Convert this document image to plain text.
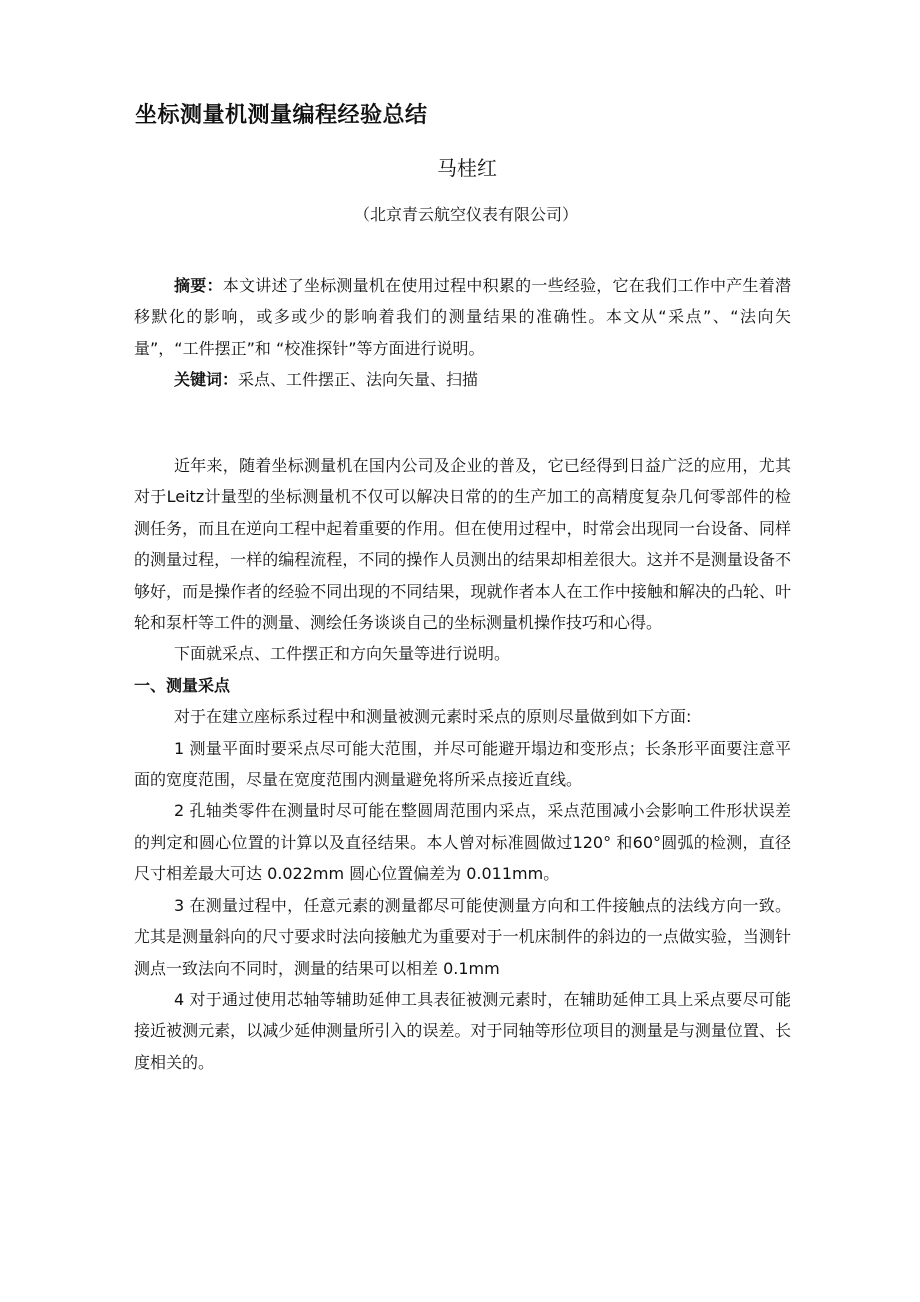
坐标测量机测量编程经验总结
马桂红
（北京青云航空仪表有限公司）

摘要：本文讲述了坐标测量机在使用过程中积累的一些经验，它在我们工作中产生着潜移默化的影响，或多或少的影响着我们的测量结果的准确性。本文从“采点”、“法向矢量”，“工件摆正”和 “校准探针”等方面进行说明。

关键词：采点、工件摆正、法向矢量、扫描

近年来，随着坐标测量机在国内公司及企业的普及，它已经得到日益广泛的应用，尤其对于Leitz计量型的坐标测量机不仅可以解决日常的的生产加工的高精度复杂几何零部件的检测任务，而且在逆向工程中起着重要的作用。但在使用过程中，时常会出现同一台设备、同样的测量过程，一样的编程流程，不同的操作人员测出的结果却相差很大。这并不是测量设备不够好，而是操作者的经验不同出现的不同结果，现就作者本人在工作中接触和解决的凸轮、叶轮和泵杆等工件的测量、测绘任务谈谈自己的坐标测量机操作技巧和心得。

下面就采点、工件摆正和方向矢量等进行说明。

一、测量采点

对于在建立座标系过程中和测量被测元素时采点的原则尽量做到如下方面:

1 测量平面时要采点尽可能大范围，并尽可能避开塌边和变形点；长条形平面要注意平面的宽度范围，尽量在宽度范围内测量避免将所采点接近直线。

2 孔轴类零件在测量时尽可能在整圆周范围内采点，采点范围减小会影响工件形状误差的判定和圆心位置的计算以及直径结果。本人曾对标准圆做过120° 和60°圆弧的检测，直径尺寸相差最大可达 0.022mm 圆心位置偏差为 0.011mm。

3 在测量过程中，任意元素的测量都尽可能使测量方向和工件接触点的法线方向一致。尤其是测量斜向的尺寸要求时法向接触尤为重要对于一机床制件的斜边的一点做实验，当测针测点一致法向不同时，测量的结果可以相差 0.1mm

4 对于通过使用芯轴等辅助延伸工具表征被测元素时，在辅助延伸工具上采点要尽可能接近被测元素，以减少延伸测量所引入的误差。对于同轴等形位项目的测量是与测量位置、长度相关的。
